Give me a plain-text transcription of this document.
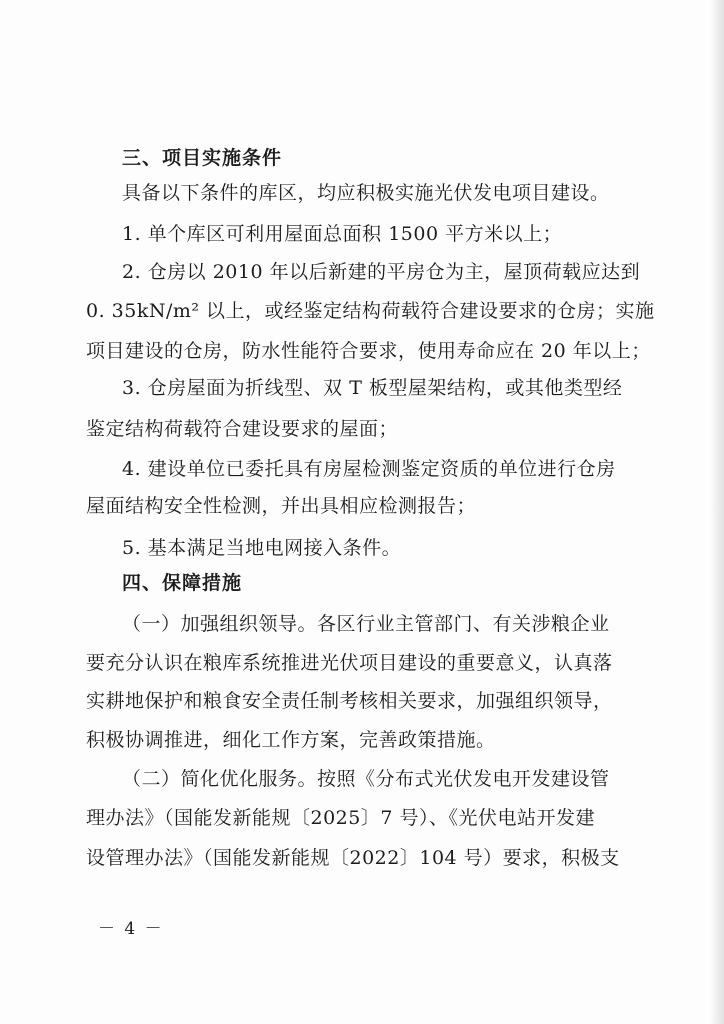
三、项目实施条件
具备以下条件的库区，均应积极实施光伏发电项目建设。
1. 单个库区可利用屋面总面积 1500 平方米以上；
2. 仓房以 2010 年以后新建的平房仓为主，屋顶荷载应达到
0. 35kN/m² 以上，或经鉴定结构荷载符合建设要求的仓房；实施
项目建设的仓房，防水性能符合要求，使用寿命应在 20 年以上；
3. 仓房屋面为折线型、双 T 板型屋架结构，或其他类型经
鉴定结构荷载符合建设要求的屋面；
4. 建设单位已委托具有房屋检测鉴定资质的单位进行仓房
屋面结构安全性检测，并出具相应检测报告；
5. 基本满足当地电网接入条件。
四、保障措施
（一）加强组织领导。各区行业主管部门、有关涉粮企业
要充分认识在粮库系统推进光伏项目建设的重要意义，认真落
实耕地保护和粮食安全责任制考核相关要求，加强组织领导，
积极协调推进，细化工作方案，完善政策措施。
（二）简化优化服务。按照《分布式光伏发电开发建设管
理办法》（国能发新能规〔2025〕7 号）、《光伏电站开发建
设管理办法》（国能发新能规〔2022〕104 号）要求，积极支
－ 4 －
